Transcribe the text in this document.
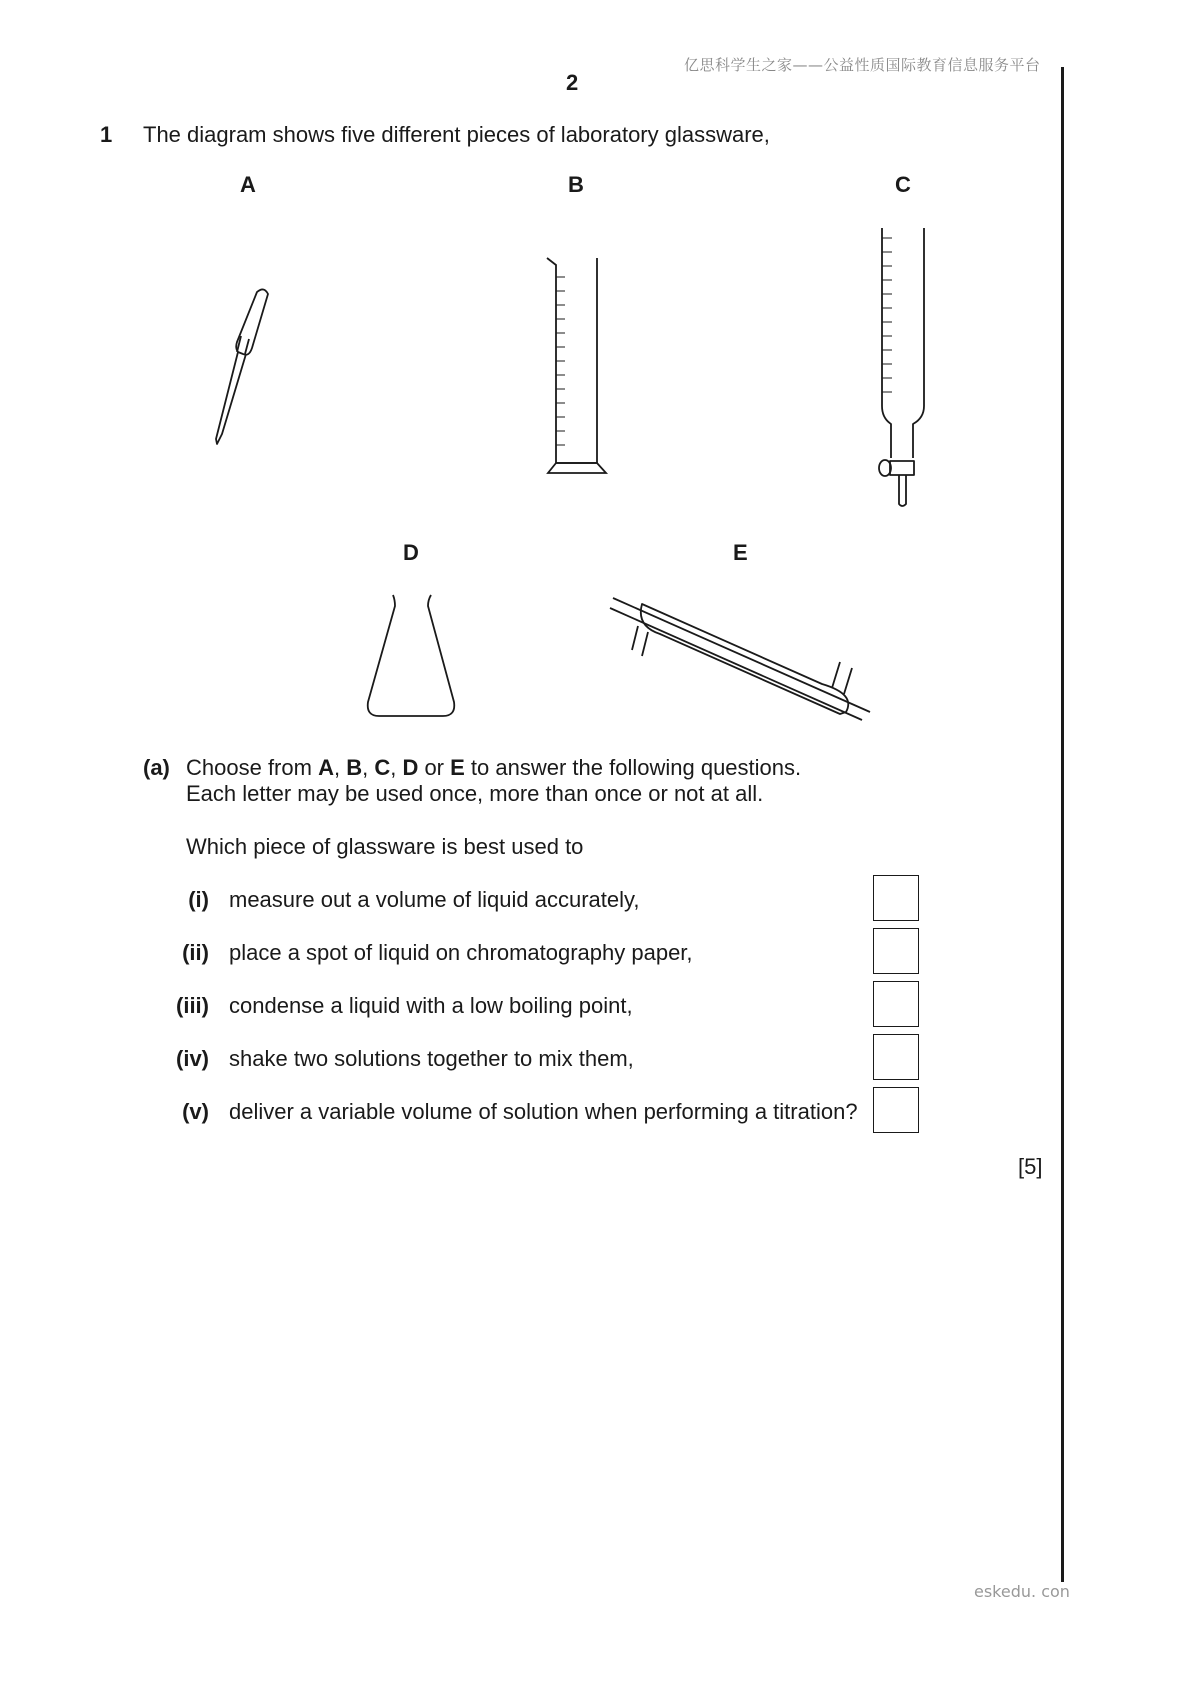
亿思科学生之家——公益性质国际教育信息服务平台
2
1 The diagram shows five different pieces of laboratory glassware,
A	B	C
D	E
(a) Choose from A, B, C, D or E to answer the following questions.
Each letter may be used once, more than once or not at all.
Which piece of glassware is best used to
(i) measure out a volume of liquid accurately,
(ii) place a spot of liquid on chromatography paper,
(iii) condense a liquid with a low boiling point,
(iv) shake two solutions together to mix them,
(v) deliver a variable volume of solution when performing a titration?
[5]
eskedu. con
